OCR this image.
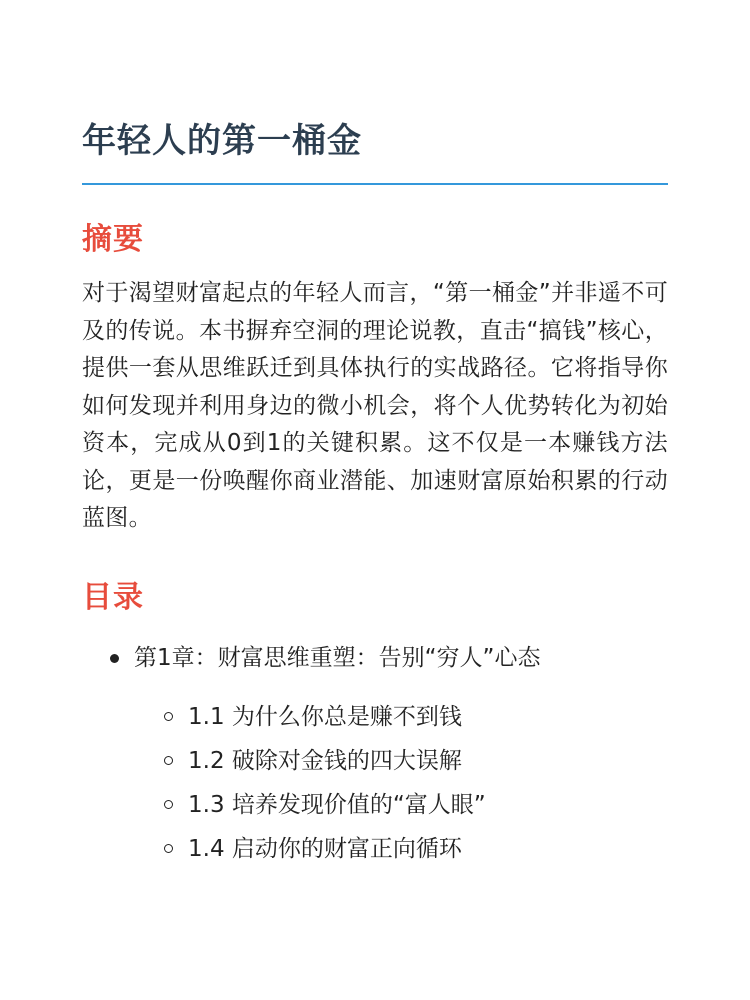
年轻人的第一桶金
摘要

对于渴望财富起点的年轻人而言，“第一桶金”并非遥不可及的传说。本书摒弃空洞的理论说教，直击“搞钱”核心，提供一套从思维跃迁到具体执行的实战路径。它将指导你如何发现并利用身边的微小机会，将个人优势转化为初始资本，完成从0到1的关键积累。这不仅是一本赚钱方法论，更是一份唤醒你商业潜能、加速财富原始积累的行动蓝图。

目录
第1章：财富思维重塑：告别“穷人”心态
1.1 为什么你总是赚不到钱
1.2 破除对金钱的四大误解
1.3 培养发现价值的“富人眼”
1.4 启动你的财富正向循环
